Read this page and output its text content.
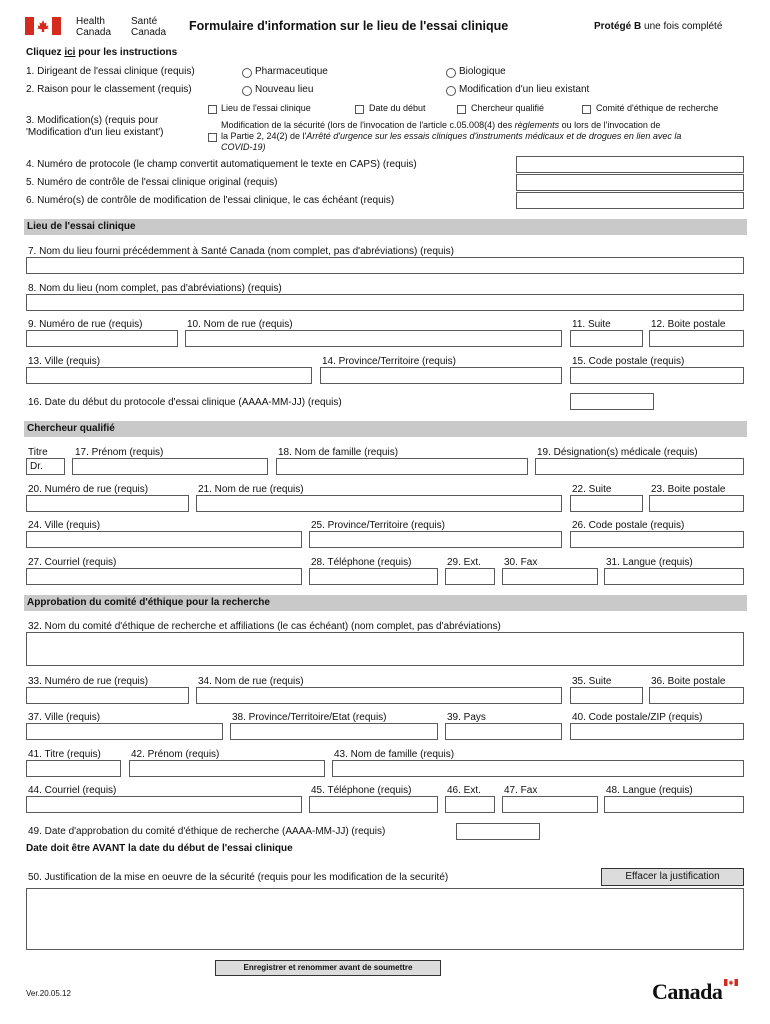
Health
Canada
Santé
Canada Formulaire d'information sur le lieu de l'essai clinique	Protégé B une fois complété
Cliquez ici pour les instructions
1. Dirigeant de l'essai clinique (requis)	Pharmaceutique	Biologique
2. Raison pour le classement (requis)	Nouveau lieu	Modification d'un lieu existant
Lieu de l'essai clinique	Date du début	Chercheur qualifié	Comité d'éthique de recherche
3. Modification(s) (requis pour
'Modification d'un lieu existant')
Modification de la sécurité (lors de l'invocation de l'article c.05.008(4) des règlements ou lors de l'invocation de
la Partie 2, 24(2) de l'Arrêté d'urgence sur les essais cliniques d'instruments médicaux et de drogues en lien avec la
COVID-19)
4. Numéro de protocole (le champ convertit automatiquement le texte en CAPS) (requis)
5. Numéro de contrôle de l'essai clinique original (requis)
6. Numéro(s) de contrôle de modification de l'essai clinique, le cas échéant (requis)
Lieu de l'essai clinique
7. Nom du lieu fourni précédemment à Santé Canada (nom complet, pas d'abréviations) (requis)
8. Nom du lieu (nom complet, pas d'abréviations) (requis)
9. Numéro de rue (requis)	10. Nom de rue (requis)	11. Suite	12. Boite postale
13. Ville (requis)	14. Province/Territoire (requis)	15. Code postale (requis)
16. Date du début du protocole d'essai clinique (AAAA-MM-JJ) (requis)
Chercheur qualifié
Titre
Dr.
17. Prénom (requis)	18. Nom de famille (requis)	19. Désignation(s) médicale (requis)
20. Numéro de rue (requis)	21. Nom de rue (requis)	22. Suite	23. Boite postale
24. Ville (requis)	25. Province/Territoire (requis)	26. Code postale (requis)
27. Courriel (requis)	28. Téléphone (requis)	29. Ext. 30. Fax	31. Langue (requis)
Approbation du comité d'éthique pour la recherche
32. Nom du comité d'éthique de recherche et affiliations (le cas échéant) (nom complet, pas d'abréviations)
33. Numéro de rue (requis)	34. Nom de rue (requis)	35. Suite	36. Boite postale
37. Ville (requis)	38. Province/Territoire/Etat (requis)	39. Pays	40. Code postale/ZIP (requis)
41. Titre (requis)	42. Prénom (requis)	43. Nom de famille (requis)
44. Courriel (requis)	45. Téléphone (requis)	46. Ext. 47. Fax	48. Langue (requis)
49. Date d'approbation du comité d'éthique de recherche (AAAA-MM-JJ) (requis)
Date doit être AVANT la date du début de l'essai clinique
50. Justification de la mise en oeuvre de la sécurité (requis pour les modification de la securité)	Effacer la justification
Enregistrer et renommer avant de soumettre
Ver.20.05.12	Canada
